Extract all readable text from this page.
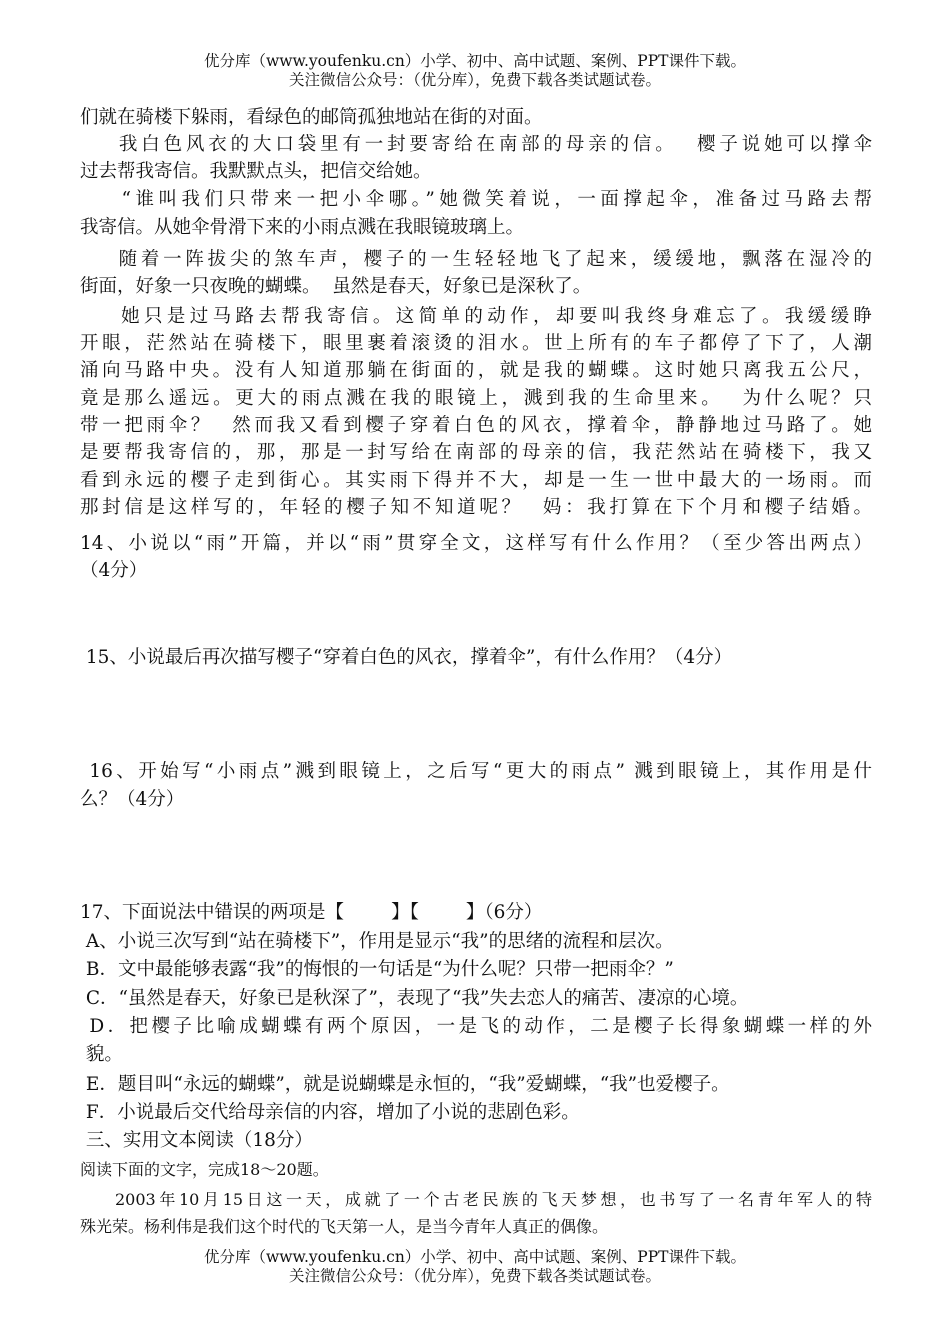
优分库（www.youfenku.cn）小学、初中、高中试题、案例、PPT课件下载。
关注微信公众号：（优分库），免费下载各类试题试卷。
们就在骑楼下躲雨，看绿色的邮筒孤独地站在街的对面。
我白色风衣的大口袋里有一封要寄给在南部的母亲的信。  樱子说她可以撑伞
过去帮我寄信。我默默点头，把信交给她。
“谁叫我们只带来一把小伞哪。”她微笑着说，一面撑起伞，准备过马路去帮
我寄信。从她伞骨滑下来的小雨点溅在我眼镜玻璃上。
随着一阵拔尖的煞车声，樱子的一生轻轻地飞了起来，缓缓地，飘落在湿冷的
街面，好象一只夜晚的蝴蝶。  虽然是春天，好象已是深秋了。
她只是过马路去帮我寄信。这简单的动作，却要叫我终身难忘了。我缓缓睁
开眼，茫然站在骑楼下，眼里裹着滚烫的泪水。世上所有的车子都停了下了，人潮
涌向马路中央。没有人知道那躺在街面的，就是我的蝴蝶。这时她只离我五公尺，
竟是那么遥远。更大的雨点溅在我的眼镜上，溅到我的生命里来。  为什么呢？只
带一把雨伞？  然而我又看到樱子穿着白色的风衣，撑着伞，静静地过马路了。她
是要帮我寄信的，那，那是一封写给在南部的母亲的信，我茫然站在骑楼下，我又
看到永远的樱子走到街心。其实雨下得并不大，却是一生一世中最大的一场雨。而
那封信是这样写的，年轻的樱子知不知道呢？  妈：我打算在下个月和樱子结婚。
14、小说以“雨”开篇，并以“雨”贯穿全文，这样写有什么作用？（至少答出两点）
（4分）
15、小说最后再次描写樱子“穿着白色的风衣，撑着伞”，有什么作用？（4分）
16、开始写“小雨点”溅到眼镜上，之后写“更大的雨点” 溅到眼镜上，其作用是什
么？（4分）
17、下面说法中错误的两项是【        】【        】（6分）
A、小说三次写到“站在骑楼下”，作用是显示“我”的思绪的流程和层次。
B．文中最能够表露“我”的悔恨的一句话是“为什么呢？只带一把雨伞？”
C．“虽然是春天，好象已是秋深了”，表现了“我”失去恋人的痛苦、凄凉的心境。
D．把樱子比喻成蝴蝶有两个原因，一是飞的动作，二是樱子长得象蝴蝶一样的外
貌。
E．题目叫“永远的蝴蝶”，就是说蝴蝶是永恒的，“我”爱蝴蝶，“我”也爱樱子。
F．小说最后交代给母亲信的内容，增加了小说的悲剧色彩。
三、实用文本阅读（18分）
阅读下面的文字，完成18～20题。
2003年10月15日这一天，成就了一个古老民族的飞天梦想，也书写了一名青年军人的特
殊光荣。杨利伟是我们这个时代的飞天第一人，是当今青年人真正的偶像。
优分库（www.youfenku.cn）小学、初中、高中试题、案例、PPT课件下载。
关注微信公众号：（优分库），免费下载各类试题试卷。
